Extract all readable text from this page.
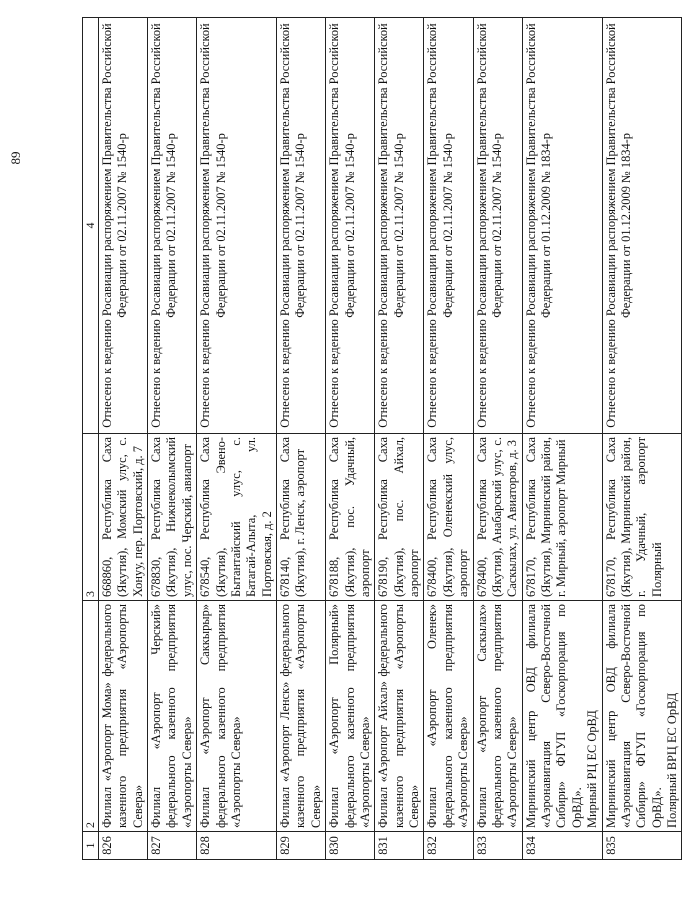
89
1	2	3	4
826	Филиал «Аэропорт Мома» федерального казенного предприятия «Аэропорты Севера»	668860, Республика Саха (Якутия), Момский улус, с. Хонуу, пер. Портовский, д. 7	Отнесено к ведению Росавиации распоряжением Правительства Российской Федерации от 02.11.2007 № 1540-р
827	Филиал «Аэропорт Черский» федерального казенного предприятия «Аэропорты Севера»	678830, Республика Саха (Якутия), Нижнеколымский улус, пос. Черский, авиапорт	Отнесено к ведению Росавиации распоряжением Правительства Российской Федерации от 02.11.2007 № 1540-р
828	Филиал «Аэропорт Саккырыр» федерального казенного предприятия «Аэропорты Севера»	678540, Республика Саха (Якутия), Эвено-Бытантайский улус, с. Батагай-Алыта, ул. Портовская, д. 2	Отнесено к ведению Росавиации распоряжением Правительства Российской Федерации от 02.11.2007 № 1540-р
829	Филиал «Аэропорт Ленск» федерального казенного предприятия «Аэропорты Севера»	678140, Республика Саха (Якутия), г. Ленск, аэропорт	Отнесено к ведению Росавиации распоряжением Правительства Российской Федерации от 02.11.2007 № 1540-р
830	Филиал «Аэропорт Полярный» федерального казенного предприятия «Аэропорты Севера»	678188, Республика Саха (Якутия), пос. Удачный, аэропорт	Отнесено к ведению Росавиации распоряжением Правительства Российской Федерации от 02.11.2007 № 1540-р
831	Филиал «Аэропорт Айхал» федерального казенного предприятия «Аэропорты Севера»	678190, Республика Саха (Якутия), пос. Айхал, аэропорт	Отнесено к ведению Росавиации распоряжением Правительства Российской Федерации от 02.11.2007 № 1540-р
832	Филиал «Аэропорт Оленек» федерального казенного предприятия «Аэропорты Севера»	678400, Республика Саха (Якутия), Оленекский улус, аэропорт	Отнесено к ведению Росавиации распоряжением Правительства Российской Федерации от 02.11.2007 № 1540-р
833	Филиал «Аэропорт Саскылах» федерального казенного предприятия «Аэропорты Севера»	678400, Республика Саха (Якутия), Анабарский улус, с. Саскылах, ул. Авиаторов, д. 3	Отнесено к ведению Росавиации распоряжением Правительства Российской Федерации от 02.11.2007 № 1540-р
834	Мирнинский центр ОВД филиала «Аэронавигация Северо-Восточной Сибири» ФГУП «Госкорпорация по ОрВД».
Мирный РЦ ЕС ОрВД	678170, Республика Саха (Якутия), Мирнинский район, г. Мирный, аэропорт Мирный	Отнесено к ведению Росавиации распоряжением Правительства Российской Федерации от 01.12.2009 № 1834-р
835	Мирнинский центр ОВД филиала «Аэронавигация Северо-Восточной Сибири» ФГУП «Госкорпорация по ОрВД».
Полярный ВРЦ ЕС ОрВД	678170, Республика Саха (Якутия), Мирнинский район, г. Удачный, аэропорт Полярный	Отнесено к ведению Росавиации распоряжением Правительства Российской Федерации от 01.12.2009 № 1834-р
